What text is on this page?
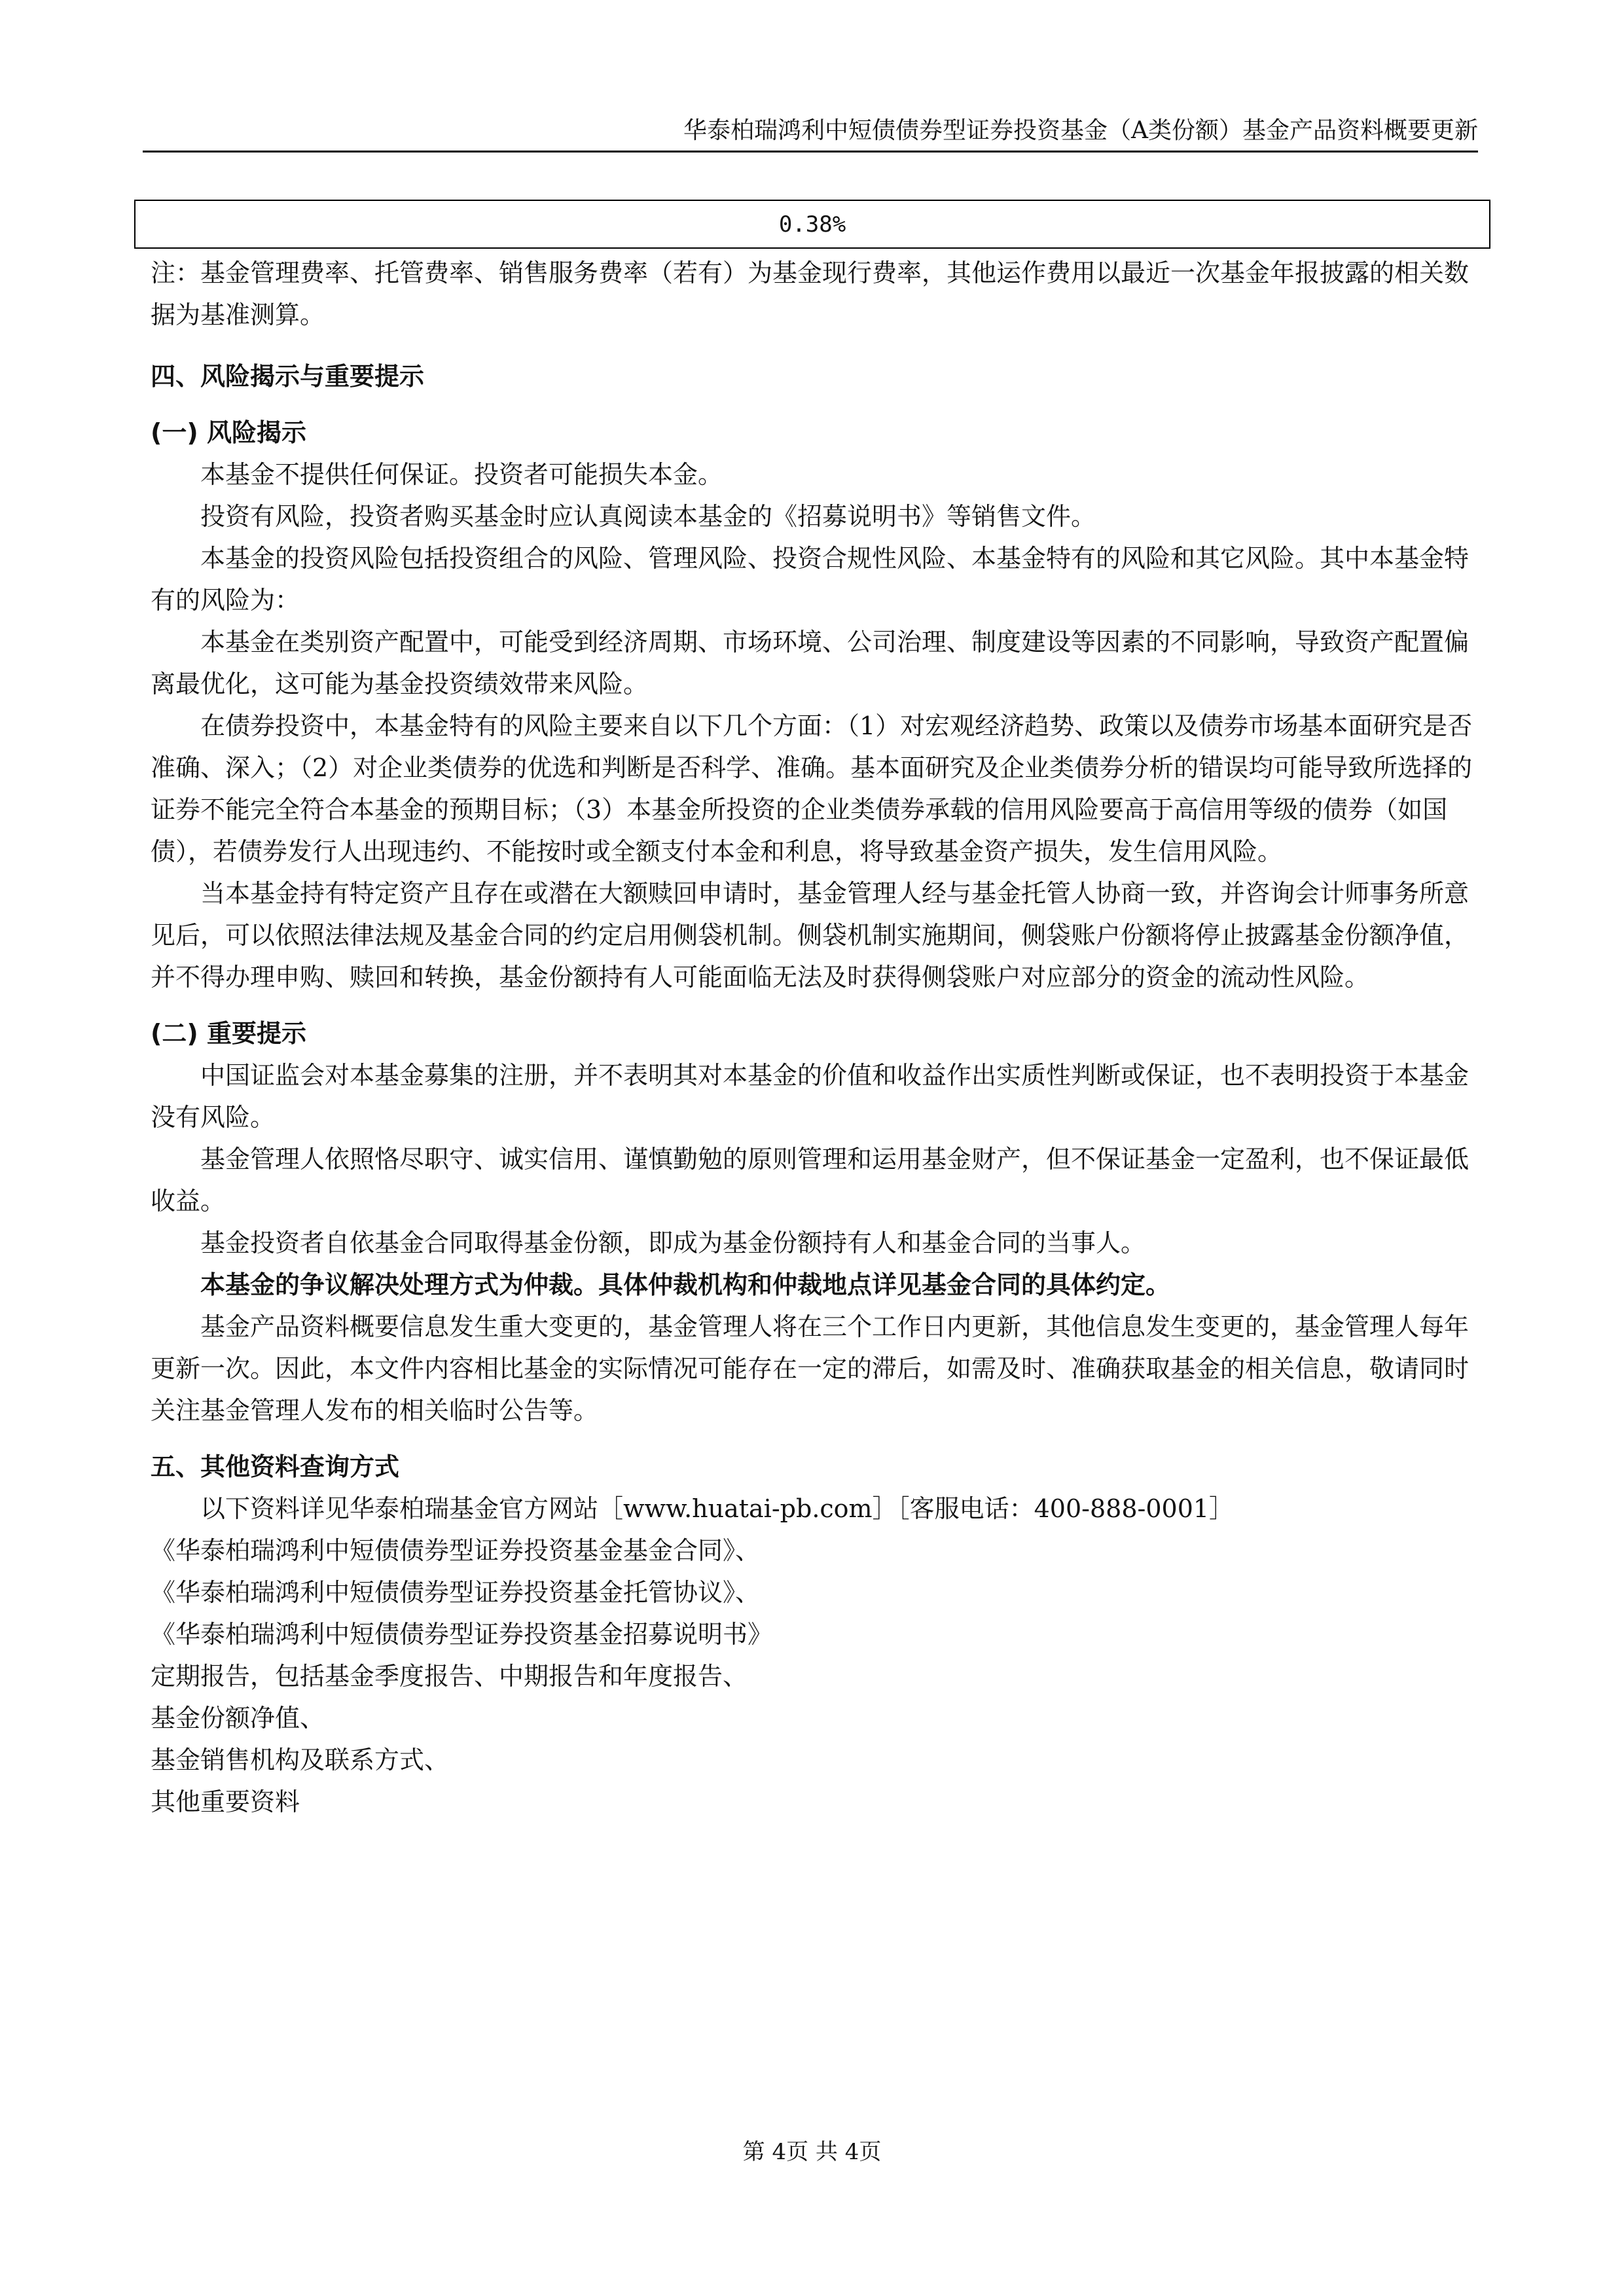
华泰柏瑞鸿利中短债债券型证券投资基金（A类份额）基金产品资料概要更新
0.38%

注：基金管理费率、托管费率、销售服务费率（若有）为基金现行费率，其他运作费用以最近一次基金年报披露的相关数据为基准测算。

四、风险揭示与重要提示

(一) 风险揭示

本基金不提供任何保证。投资者可能损失本金。

投资有风险，投资者购买基金时应认真阅读本基金的《招募说明书》等销售文件。

本基金的投资风险包括投资组合的风险、管理风险、投资合规性风险、本基金特有的风险和其它风险。其中本基金特有的风险为：

本基金在类别资产配置中，可能受到经济周期、市场环境、公司治理、制度建设等因素的不同影响，导致资产配置偏离最优化，这可能为基金投资绩效带来风险。

在债券投资中，本基金特有的风险主要来自以下几个方面：（1）对宏观经济趋势、政策以及债券市场基本面研究是否准确、深入；（2）对企业类债券的优选和判断是否科学、准确。基本面研究及企业类债券分析的错误均可能导致所选择的证券不能完全符合本基金的预期目标；（3）本基金所投资的企业类债券承载的信用风险要高于高信用等级的债券（如国债），若债券发行人出现违约、不能按时或全额支付本金和利息，将导致基金资产损失，发生信用风险。

当本基金持有特定资产且存在或潜在大额赎回申请时，基金管理人经与基金托管人协商一致，并咨询会计师事务所意见后，可以依照法律法规及基金合同的约定启用侧袋机制。侧袋机制实施期间，侧袋账户份额将停止披露基金份额净值，并不得办理申购、赎回和转换，基金份额持有人可能面临无法及时获得侧袋账户对应部分的资金的流动性风险。

(二) 重要提示

中国证监会对本基金募集的注册，并不表明其对本基金的价值和收益作出实质性判断或保证，也不表明投资于本基金没有风险。

基金管理人依照恪尽职守、诚实信用、谨慎勤勉的原则管理和运用基金财产，但不保证基金一定盈利，也不保证最低收益。

基金投资者自依基金合同取得基金份额，即成为基金份额持有人和基金合同的当事人。

本基金的争议解决处理方式为仲裁。具体仲裁机构和仲裁地点详见基金合同的具体约定。

基金产品资料概要信息发生重大变更的，基金管理人将在三个工作日内更新，其他信息发生变更的，基金管理人每年更新一次。因此，本文件内容相比基金的实际情况可能存在一定的滞后，如需及时、准确获取基金的相关信息，敬请同时关注基金管理人发布的相关临时公告等。

五、其他资料查询方式

以下资料详见华泰柏瑞基金官方网站［www.huatai-pb.com］［客服电话：400-888-0001］

《华泰柏瑞鸿利中短债债券型证券投资基金基金合同》、

《华泰柏瑞鸿利中短债债券型证券投资基金托管协议》、

《华泰柏瑞鸿利中短债债券型证券投资基金招募说明书》

定期报告，包括基金季度报告、中期报告和年度报告、

基金份额净值、

基金销售机构及联系方式、

其他重要资料

第 4页 共 4页
